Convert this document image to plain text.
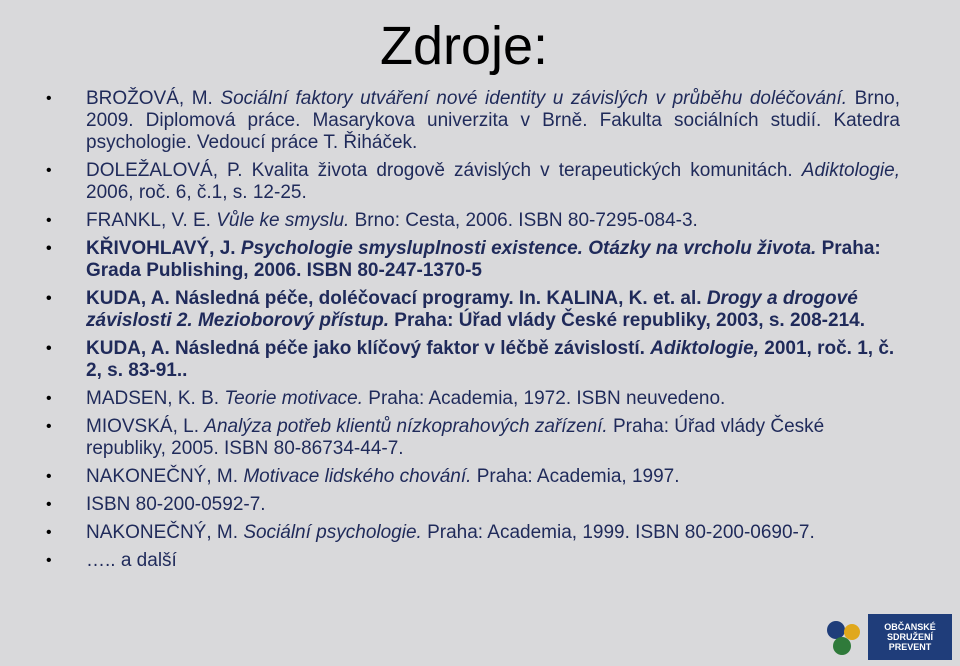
Zdroje:
• BROŽOVÁ, M. Sociální faktory utváření nové identity u závislých v průběhu doléčování. Brno, 2009. Diplomová práce. Masarykova univerzita v Brně. Fakulta sociálních studií. Katedra psychologie. Vedoucí práce T. Řiháček.
• DOLEŽALOVÁ, P. Kvalita života drogově závislých v terapeutických komunitách. Adiktologie, 2006, roč. 6, č.1, s. 12-25.
• FRANKL, V. E. Vůle ke smyslu. Brno: Cesta, 2006. ISBN 80-7295-084-3.
• KŘIVOHLAVÝ, J. Psychologie smysluplnosti existence. Otázky na vrcholu života. Praha: Grada Publishing, 2006. ISBN 80-247-1370-5
• KUDA, A. Následná péče, doléčovací programy. In. KALINA, K. et. al. Drogy a drogové závislosti 2. Mezioborový přístup. Praha: Úřad vlády České republiky, 2003, s. 208-214.
• KUDA, A. Následná péče jako klíčový faktor v léčbě závislostí. Adiktologie, 2001, roč. 1, č. 2, s. 83-91..
• MADSEN, K. B. Teorie motivace. Praha: Academia, 1972. ISBN neuvedeno.
• MIOVSKÁ, L. Analýza potřeb klientů nízkoprahových zařízení. Praha: Úřad vlády České republiky, 2005. ISBN 80-86734-44-7.
• NAKONEČNÝ, M. Motivace lidského chování. Praha: Academia, 1997.
• ISBN 80-200-0592-7.
• NAKONEČNÝ, M. Sociální psychologie. Praha: Academia, 1999. ISBN 80-200-0690-7.
• ….. a další
OBČANSKÉ
SDRUŽENÍ
PREVENT
